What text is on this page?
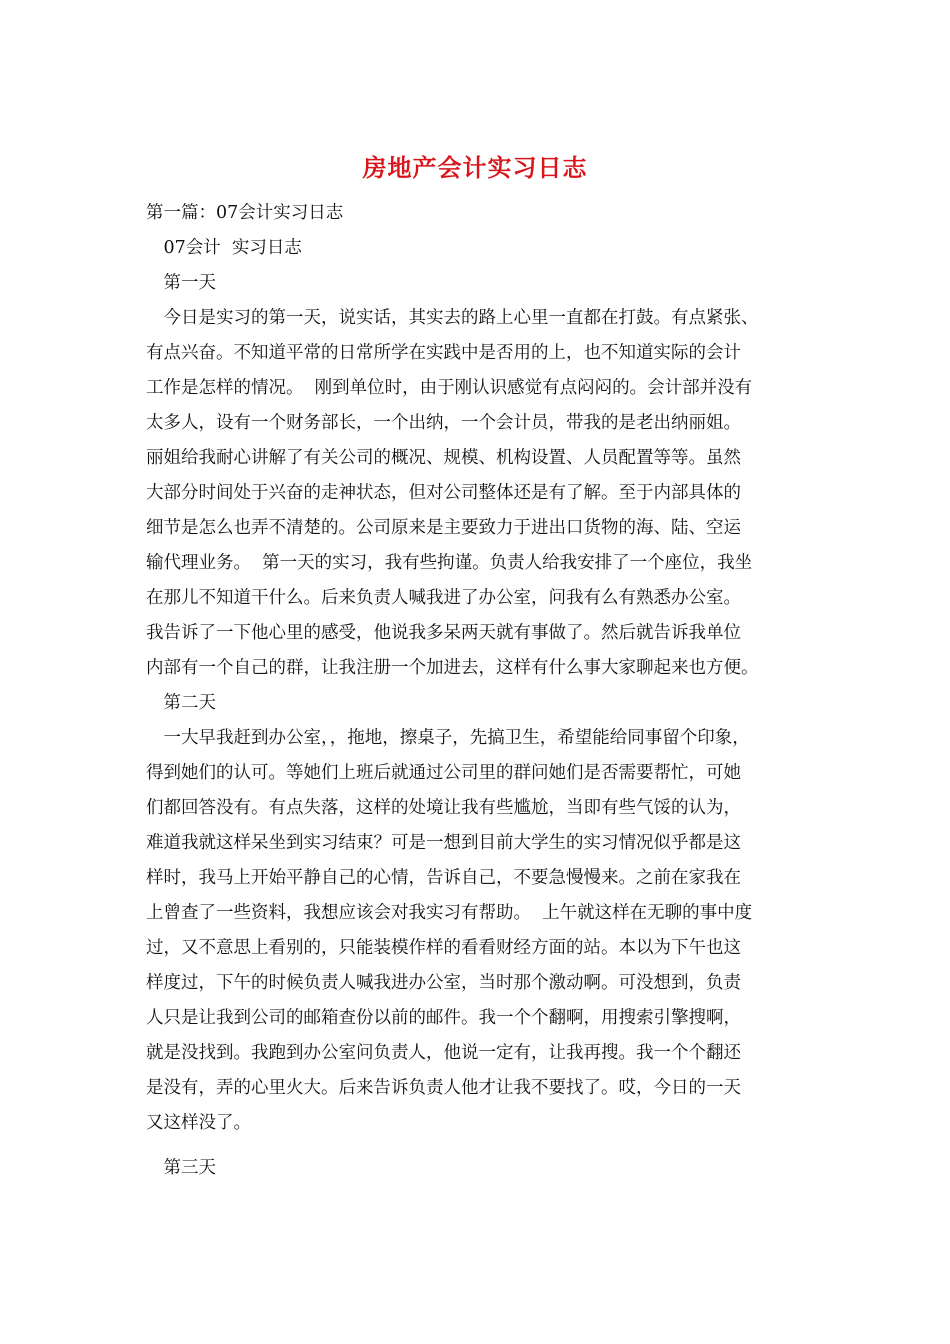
房地产会计实习日志
第一篇：07会计实习日志
　07会计  实习日志
　第一天
　今日是实习的第一天，说实话，其实去的路上心里一直都在打鼓。有点紧张、
有点兴奋。不知道平常的日常所学在实践中是否用的上，也不知道实际的会计
工作是怎样的情况。  刚到单位时，由于刚认识感觉有点闷闷的。会计部并没有
太多人，设有一个财务部长，一个出纳，一个会计员，带我的是老出纳丽姐。
丽姐给我耐心讲解了有关公司的概况、规模、机构设置、人员配置等等。虽然
大部分时间处于兴奋的走神状态，但对公司整体还是有了解。至于内部具体的
细节是怎么也弄不清楚的。公司原来是主要致力于进出口货物的海、陆、空运
输代理业务。  第一天的实习，我有些拘谨。负责人给我安排了一个座位，我坐
在那儿不知道干什么。后来负责人喊我进了办公室，问我有么有熟悉办公室。
我告诉了一下他心里的感受，他说我多呆两天就有事做了。然后就告诉我单位
内部有一个自己的群，让我注册一个加进去，这样有什么事大家聊起来也方便。
　第二天
　一大早我赶到办公室，，拖地，擦桌子，先搞卫生，希望能给同事留个印象，
得到她们的认可。等她们上班后就通过公司里的群问她们是否需要帮忙，可她
们都回答没有。有点失落，这样的处境让我有些尴尬，当即有些气馁的认为，
难道我就这样呆坐到实习结束？可是一想到目前大学生的实习情况似乎都是这
样时，我马上开始平静自己的心情，告诉自己，不要急慢慢来。之前在家我在
上曾查了一些资料，我想应该会对我实习有帮助。  上午就这样在无聊的事中度
过，又不意思上看别的，只能装模作样的看看财经方面的站。本以为下午也这
样度过，下午的时候负责人喊我进办公室，当时那个激动啊。可没想到，负责
人只是让我到公司的邮箱查份以前的邮件。我一个个翻啊，用搜索引擎搜啊，
就是没找到。我跑到办公室问负责人，他说一定有，让我再搜。我一个个翻还
是没有，弄的心里火大。后来告诉负责人他才让我不要找了。哎，今日的一天
又这样没了。
　第三天
